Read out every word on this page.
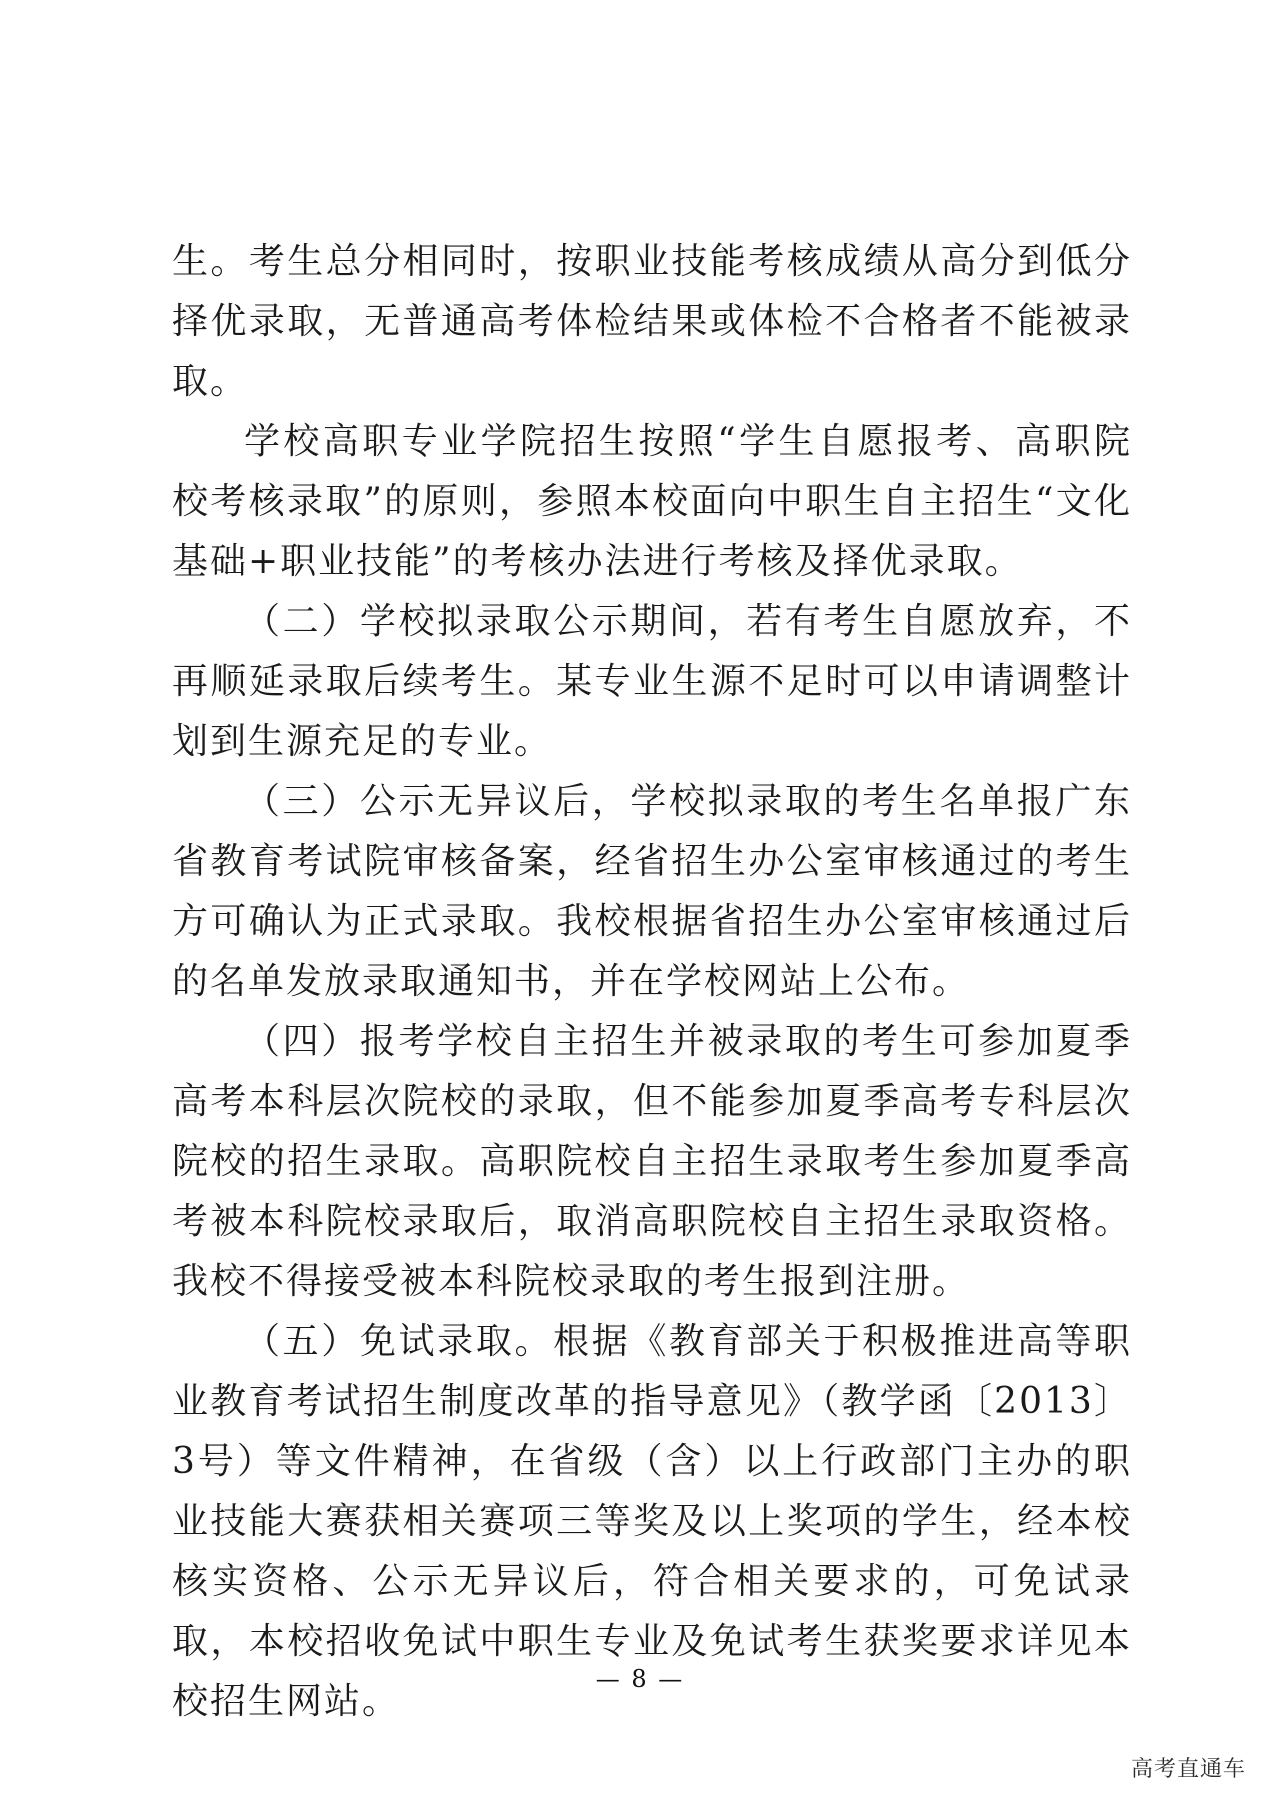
生。考生总分相同时，按职业技能考核成绩从高分到低分择优录取，无普通高考体检结果或体检不合格者不能被录取。

学校高职专业学院招生按照“学生自愿报考、高职院校考核录取”的原则，参照本校面向中职生自主招生“文化基础+职业技能”的考核办法进行考核及择优录取。

（二）学校拟录取公示期间，若有考生自愿放弃，不再顺延录取后续考生。某专业生源不足时可以申请调整计划到生源充足的专业。

（三）公示无异议后，学校拟录取的考生名单报广东省教育考试院审核备案，经省招生办公室审核通过的考生方可确认为正式录取。我校根据省招生办公室审核通过后的名单发放录取通知书，并在学校网站上公布。

（四）报考学校自主招生并被录取的考生可参加夏季高考本科层次院校的录取，但不能参加夏季高考专科层次院校的招生录取。高职院校自主招生录取考生参加夏季高考被本科院校录取后，取消高职院校自主招生录取资格。我校不得接受被本科院校录取的考生报到注册。

（五）免试录取。根据《教育部关于积极推进高等职业教育考试招生制度改革的指导意见》（教学函〔2013〕3号）等文件精神，在省级（含）以上行政部门主办的职业技能大赛获相关赛项三等奖及以上奖项的学生，经本校核实资格、公示无异议后，符合相关要求的，可免试录取，本校招收免试中职生专业及免试考生获奖要求详见本校招生网站。

— 8 —
高考直通车
